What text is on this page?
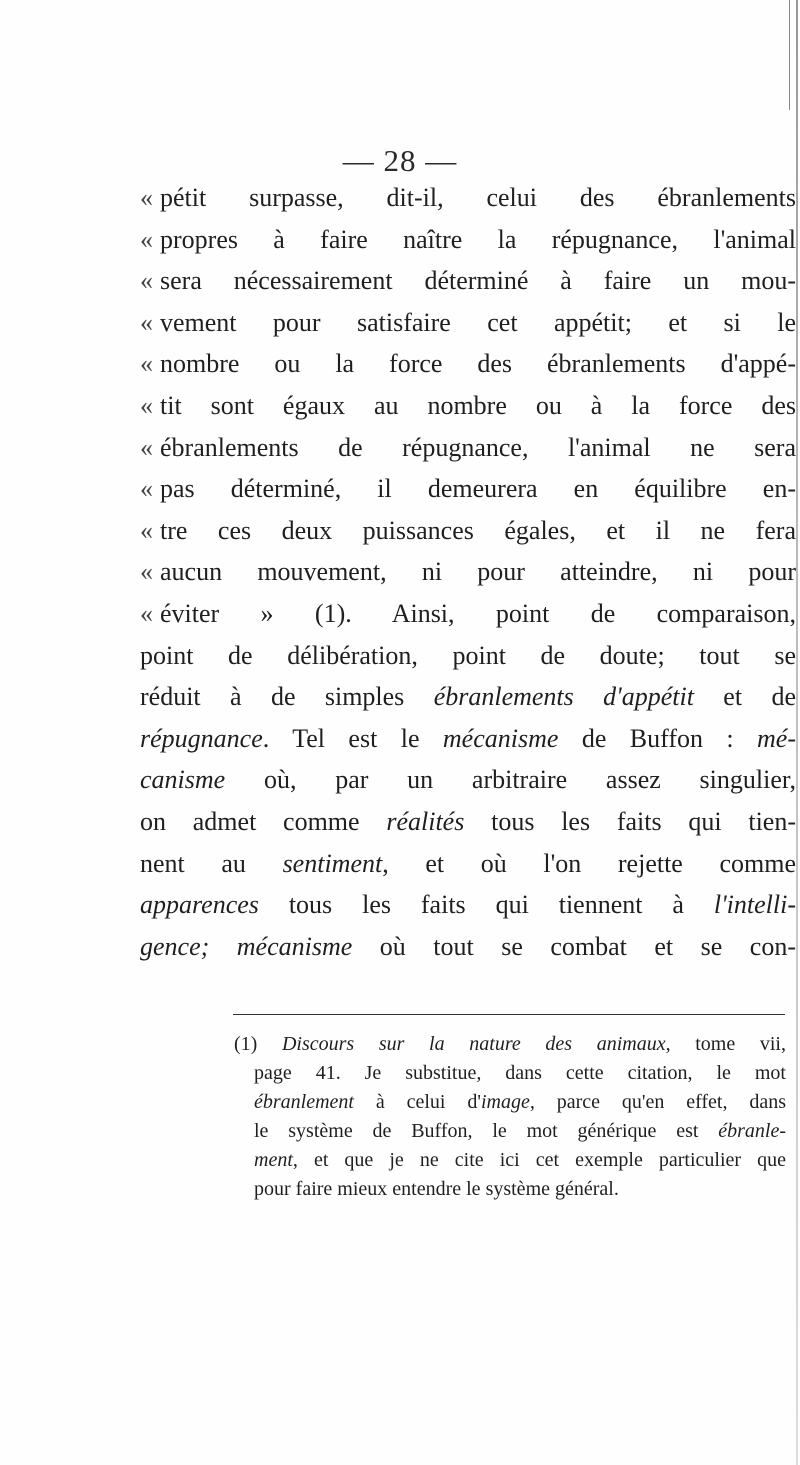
— 28 —
« pétit surpasse, dit-il, celui des ébranlements
« propres à faire naître la répugnance, l'animal
« sera nécessairement déterminé à faire un mou-
« vement pour satisfaire cet appétit; et si le
« nombre ou la force des ébranlements d'appé-
« tit sont égaux au nombre ou à la force des
« ébranlements de répugnance, l'animal ne sera
« pas déterminé, il demeurera en équilibre en-
« tre ces deux puissances égales, et il ne fera
« aucun mouvement, ni pour atteindre, ni pour
« éviter » (1). Ainsi, point de comparaison,
point de délibération, point de doute; tout se
réduit à de simples ébranlements d'appétit et de
répugnance. Tel est le mécanisme de Buffon : mé-
canisme où, par un arbitraire assez singulier,
on admet comme réalités tous les faits qui tien-
nent au sentiment, et où l'on rejette comme
apparences tous les faits qui tiennent à l'intelli-
gence; mécanisme où tout se combat et se con-
(1) Discours sur la nature des animaux, tome vii,
page 41. Je substitue, dans cette citation, le mot
ébranlement à celui d'image, parce qu'en effet, dans
le système de Buffon, le mot générique est ébranle-
ment, et que je ne cite ici cet exemple particulier que
pour faire mieux entendre le système général.
